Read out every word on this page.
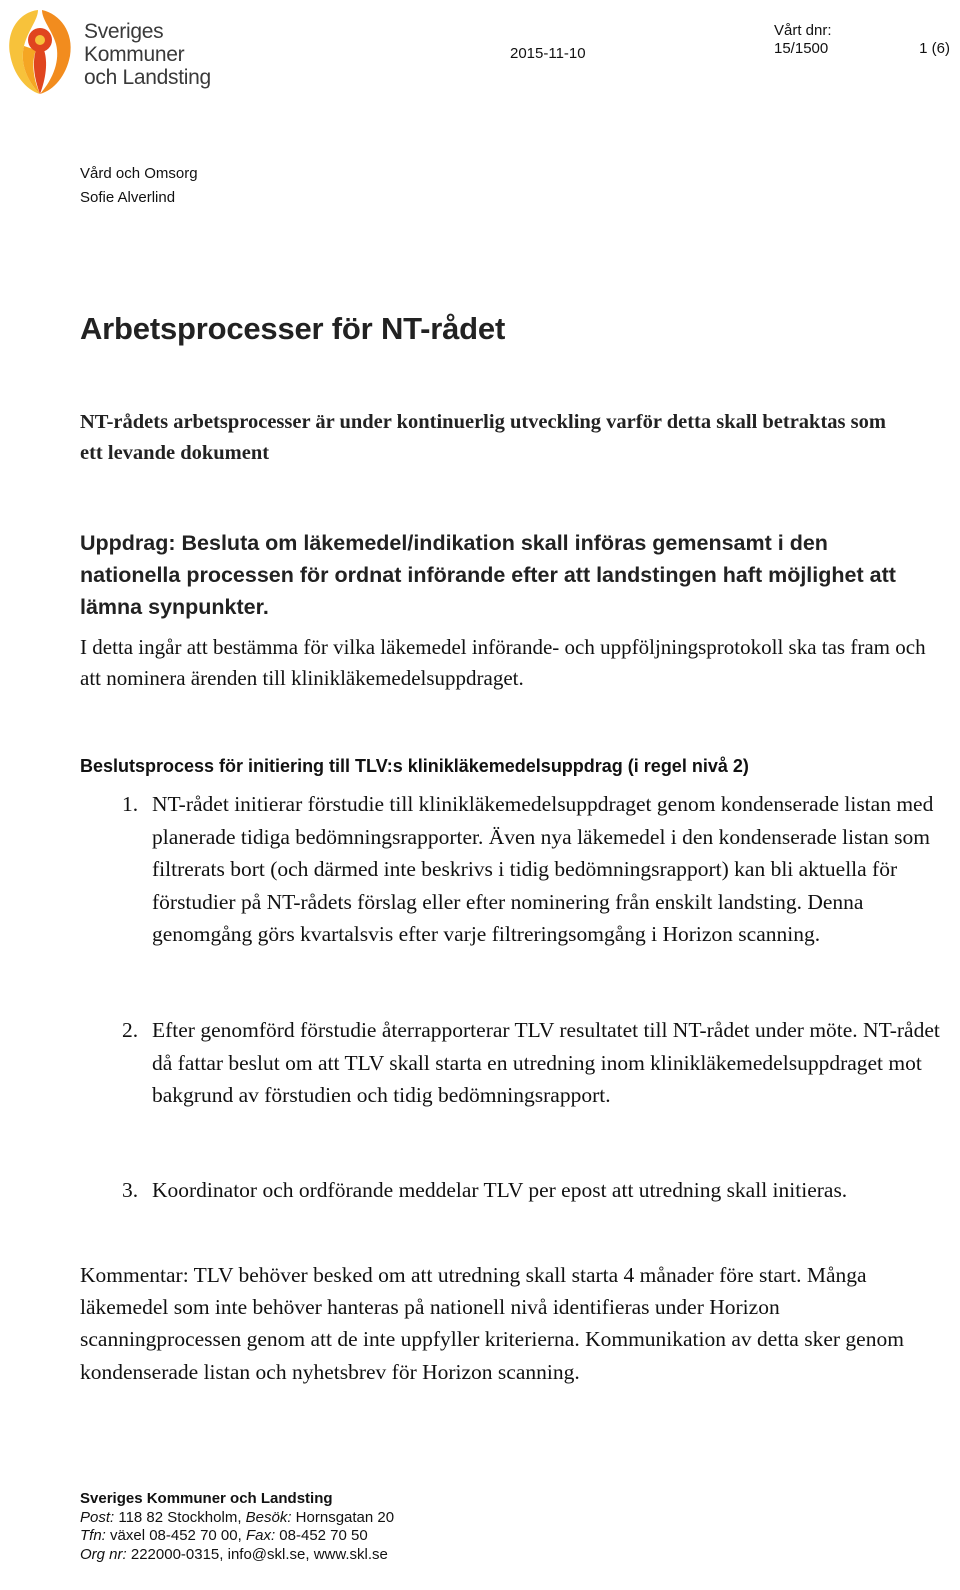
Sveriges
Kommuner
och Landsting
2015-11-10
Vårt dnr:
15/1500	1 (6)
Vård och Omsorg
Sofie Alverlind
Arbetsprocesser för NT-rådet
NT-rådets arbetsprocesser är under kontinuerlig utveckling varför detta skall betraktas som ett levande dokument
Uppdrag: Besluta om läkemedel/indikation skall införas gemensamt i den nationella processen för ordnat införande efter att landstingen haft möjlighet att lämna synpunkter.
I detta ingår att bestämma för vilka läkemedel införande- och uppföljningsprotokoll ska tas fram och att nominera ärenden till klinikläkemedelsuppdraget.
Beslutsprocess för initiering till TLV:s klinikläkemedelsuppdrag (i regel nivå 2)
1. NT-rådet initierar förstudie till klinikläkemedelsuppdraget genom kondenserade listan med planerade tidiga bedömningsrapporter. Även nya läkemedel i den kondenserade listan som filtrerats bort (och därmed inte beskrivs i tidig bedömningsrapport) kan bli aktuella för förstudier på NT-rådets förslag eller efter nominering från enskilt landsting. Denna genomgång görs kvartalsvis efter varje filtreringsomgång i Horizon scanning.
2. Efter genomförd förstudie återrapporterar TLV resultatet till NT-rådet under möte. NT-rådet då fattar beslut om att TLV skall starta en utredning inom klinikläkemedelsuppdraget mot bakgrund av förstudien och tidig bedömningsrapport.
3. Koordinator och ordförande meddelar TLV per epost att utredning skall initieras.
Kommentar: TLV behöver besked om att utredning skall starta 4 månader före start. Många läkemedel som inte behöver hanteras på nationell nivå identifieras under Horizon scanningprocessen genom att de inte uppfyller kriterierna. Kommunikation av detta sker genom kondenserade listan och nyhetsbrev för Horizon scanning.
Sveriges Kommuner och Landsting
Post: 118 82 Stockholm, Besök: Hornsgatan 20
Tfn: växel 08-452 70 00, Fax: 08-452 70 50
Org nr: 222000-0315, info@skl.se, www.skl.se
